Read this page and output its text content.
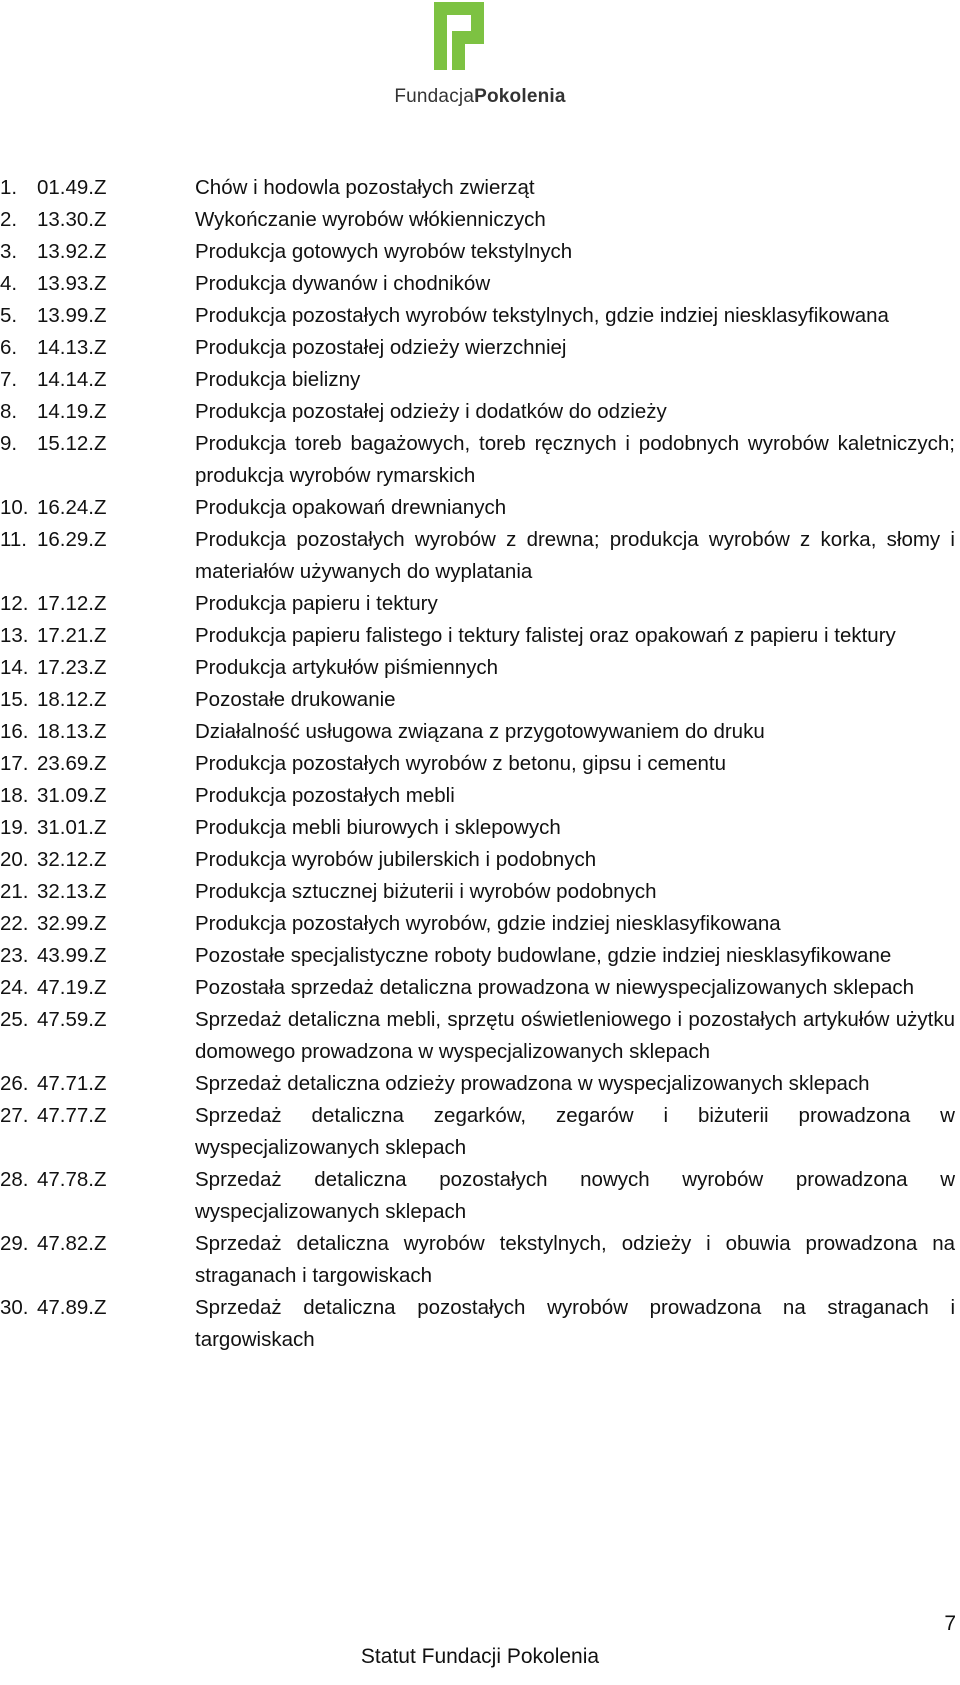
FundacjaPokolenia
1. 01.49.Z	Chów i hodowla pozostałych zwierząt
2. 13.30.Z	Wykończanie wyrobów włókienniczych
3. 13.92.Z	Produkcja gotowych wyrobów tekstylnych
4. 13.93.Z	Produkcja dywanów i chodników
5. 13.99.Z	Produkcja pozostałych wyrobów tekstylnych, gdzie indziej niesklasyfikowana
6. 14.13.Z	Produkcja pozostałej odzieży wierzchniej
7. 14.14.Z	Produkcja bielizny
8. 14.19.Z	Produkcja pozostałej odzieży i dodatków do odzieży
9. 15.12.Z	Produkcja toreb bagażowych, toreb ręcznych i podobnych wyrobów kaletniczych; produkcja wyrobów rymarskich
10. 16.24.Z	Produkcja opakowań drewnianych
11. 16.29.Z	Produkcja pozostałych wyrobów z drewna; produkcja wyrobów z korka, słomy i materiałów używanych do wyplatania
12. 17.12.Z	Produkcja papieru i tektury
13. 17.21.Z	Produkcja papieru falistego i tektury falistej oraz opakowań z papieru i tektury
14. 17.23.Z	Produkcja artykułów piśmiennych
15. 18.12.Z	Pozostałe drukowanie
16. 18.13.Z	Działalność usługowa związana z przygotowywaniem do druku
17. 23.69.Z	Produkcja pozostałych wyrobów z betonu, gipsu i cementu
18. 31.09.Z	Produkcja pozostałych mebli
19. 31.01.Z	Produkcja mebli biurowych i sklepowych
20. 32.12.Z	Produkcja wyrobów jubilerskich i podobnych
21. 32.13.Z	Produkcja sztucznej biżuterii i wyrobów podobnych
22. 32.99.Z	Produkcja pozostałych wyrobów, gdzie indziej niesklasyfikowana
23. 43.99.Z	Pozostałe specjalistyczne roboty budowlane, gdzie indziej niesklasyfikowane
24. 47.19.Z	Pozostała sprzedaż detaliczna prowadzona w niewyspecjalizowanych sklepach
25. 47.59.Z	Sprzedaż detaliczna mebli, sprzętu oświetleniowego i pozostałych artykułów użytku domowego prowadzona w wyspecjalizowanych sklepach
26. 47.71.Z	Sprzedaż detaliczna odzieży prowadzona w wyspecjalizowanych sklepach
27. 47.77.Z	Sprzedaż detaliczna zegarków, zegarów i biżuterii prowadzona w wyspecjalizowanych sklepach
28. 47.78.Z	Sprzedaż detaliczna pozostałych nowych wyrobów prowadzona w wyspecjalizowanych sklepach
29. 47.82.Z	Sprzedaż detaliczna wyrobów tekstylnych, odzieży i obuwia prowadzona na straganach i targowiskach
30. 47.89.Z	Sprzedaż detaliczna pozostałych wyrobów prowadzona na straganach i targowiskach
7
Statut Fundacji Pokolenia
